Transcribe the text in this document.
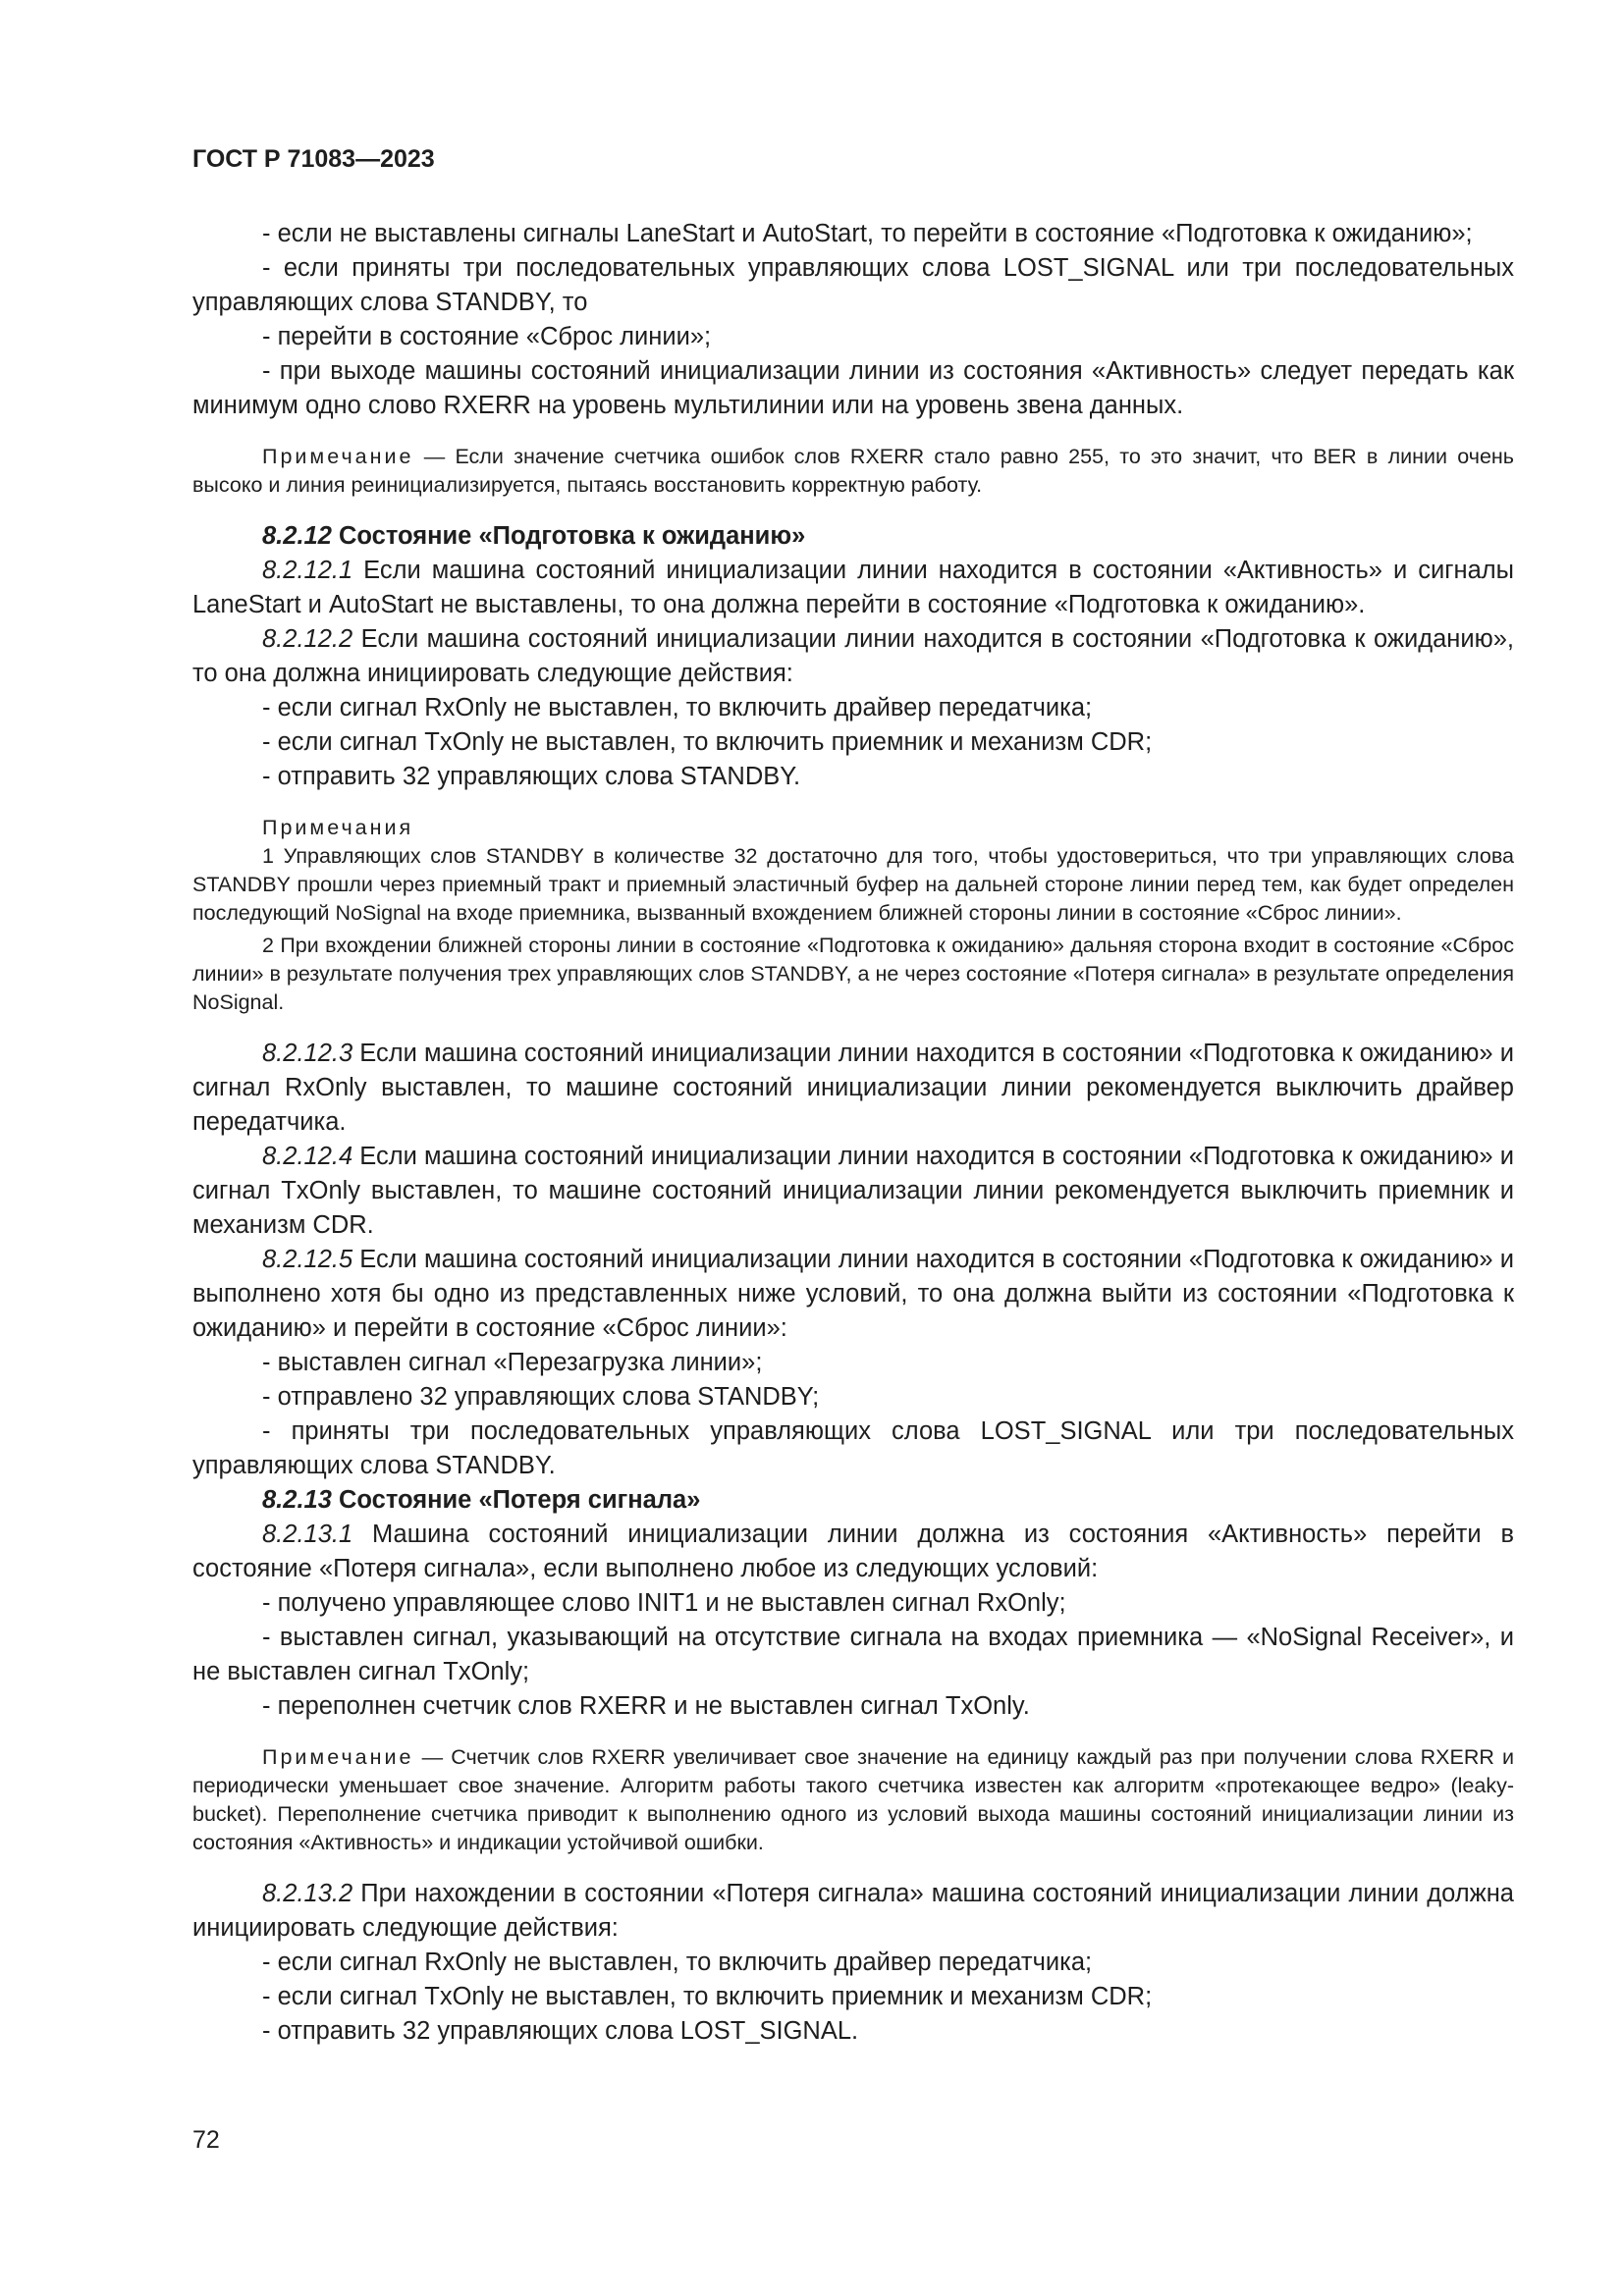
ГОСТ Р 71083—2023

- если не выставлены сигналы LaneStart и AutoStart, то перейти в состояние «Подготовка к ожиданию»;

- если приняты три последовательных управляющих слова LOST_SIGNAL или три последовательных управляющих слова STANDBY, то

- перейти в состояние «Сброс линии»;

- при выходе машины состояний инициализации линии из состояния «Активность» следует передать как минимум одно слово RXERR на уровень мультилинии или на уровень звена данных.

Примечание — Если значение счетчика ошибок слов RXERR стало равно 255, то это значит, что BER в линии очень высоко и линия реинициализируется, пытаясь восстановить корректную работу.

8.2.12 Состояние «Подготовка к ожиданию»

8.2.12.1 Если машина состояний инициализации линии находится в состоянии «Активность» и сигналы LaneStart и AutoStart не выставлены, то она должна перейти в состояние «Подготовка к ожиданию».

8.2.12.2 Если машина состояний инициализации линии находится в состоянии «Подготовка к ожиданию», то она должна инициировать следующие действия:

- если сигнал RxOnly не выставлен, то включить драйвер передатчика;

- если сигнал TxOnly не выставлен, то включить приемник и механизм CDR;

- отправить 32 управляющих слова STANDBY.

Примечания

1 Управляющих слов STANDBY в количестве 32 достаточно для того, чтобы удостовериться, что три управляющих слова STANDBY прошли через приемный тракт и приемный эластичный буфер на дальней стороне линии перед тем, как будет определен последующий NoSignal на входе приемника, вызванный вхождением ближней стороны линии в состояние «Сброс линии».

2 При вхождении ближней стороны линии в состояние «Подготовка к ожиданию» дальняя сторона входит в состояние «Сброс линии» в результате получения трех управляющих слов STANDBY, а не через состояние «Потеря сигнала» в результате определения NoSignal.

8.2.12.3 Если машина состояний инициализации линии находится в состоянии «Подготовка к ожиданию» и сигнал RxOnly выставлен, то машине состояний инициализации линии рекомендуется выключить драйвер передатчика.

8.2.12.4 Если машина состояний инициализации линии находится в состоянии «Подготовка к ожиданию» и сигнал TxOnly выставлен, то машине состояний инициализации линии рекомендуется выключить приемник и механизм CDR.

8.2.12.5 Если машина состояний инициализации линии находится в состоянии «Подготовка к ожиданию» и выполнено хотя бы одно из представленных ниже условий, то она должна выйти из состоянии «Подготовка к ожиданию» и перейти в состояние «Сброс линии»:

- выставлен сигнал «Перезагрузка линии»;

- отправлено 32 управляющих слова STANDBY;

- приняты три последовательных управляющих слова LOST_SIGNAL или три последовательных управляющих слова STANDBY.

8.2.13 Состояние «Потеря сигнала»

8.2.13.1 Машина состояний инициализации линии должна из состояния «Активность» перейти в состояние «Потеря сигнала», если выполнено любое из следующих условий:

- получено управляющее слово INIT1 и не выставлен сигнал RxOnly;

- выставлен сигнал, указывающий на отсутствие сигнала на входах приемника — «NoSignal Receiver», и не выставлен сигнал TxOnly;

- переполнен счетчик слов RXERR и не выставлен сигнал TxOnly.

Примечание — Счетчик слов RXERR увеличивает свое значение на единицу каждый раз при получении слова RXERR и периодически уменьшает свое значение. Алгоритм работы такого счетчика известен как алгоритм «протекающее ведро» (leaky-bucket). Переполнение счетчика приводит к выполнению одного из условий выхода машины состояний инициализации линии из состояния «Активность» и индикации устойчивой ошибки.

8.2.13.2 При нахождении в состоянии «Потеря сигнала» машина состояний инициализации линии должна инициировать следующие действия:

- если сигнал RxOnly не выставлен, то включить драйвер передатчика;

- если сигнал TxOnly не выставлен, то включить приемник и механизм CDR;

- отправить 32 управляющих слова LOST_SIGNAL.

72
